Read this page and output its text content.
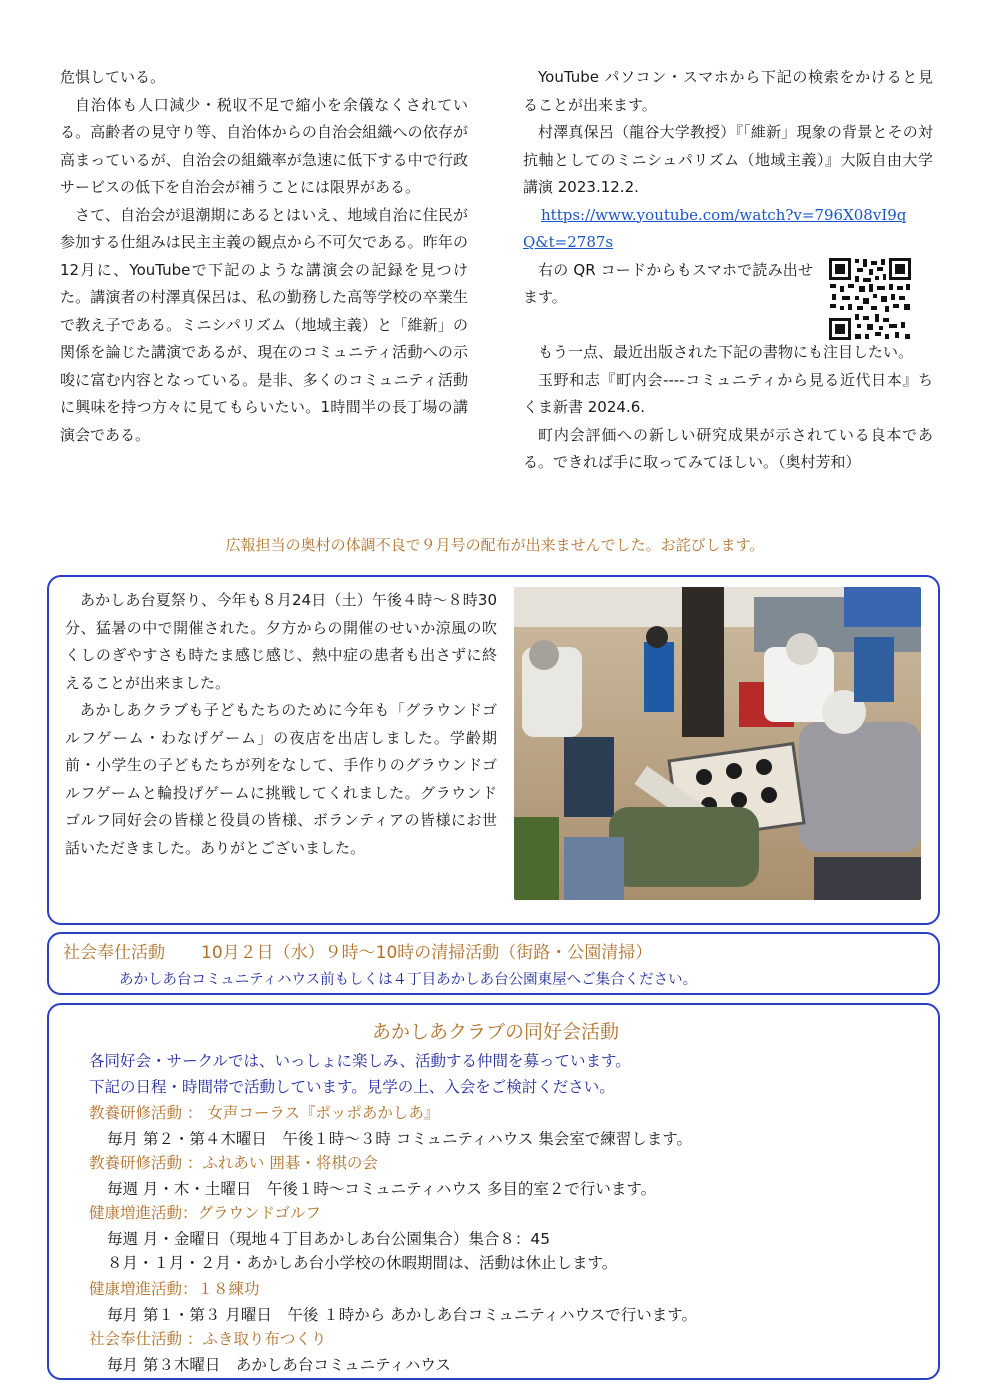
危惧している。

自治体も人口減少・税収不足で縮小を余儀なくされている。高齢者の見守り等、自治体からの自治会組織への依存が高まっているが、自治会の組織率が急速に低下する中で行政サービスの低下を自治会が補うことには限界がある。

さて、自治会が退潮期にあるとはいえ、地域自治に住民が参加する仕組みは民主主義の観点から不可欠である。昨年の12月に、YouTubeで下記のような講演会の記録を見つけた。講演者の村澤真保呂は、私の勤務した高等学校の卒業生で教え子である。ミニシパリズム（地域主義）と「維新」の関係を論じた講演であるが、現在のコミュニティ活動への示唆に富む内容となっている。是非、多くのコミュニティ活動に興味を持つ方々に見てもらいたい。1時間半の長丁場の講演会である。

YouTube パソコン・スマホから下記の検索をかけると見ることが出来ます。

村澤真保呂（龍谷大学教授）『「維新」現象の背景とその対抗軸としてのミニシュパリズム（地域主義）』大阪自由大学講演 2023.12.2.

https://www.youtube.com/watch?v=796X08vI9q

Q&t=2787s

右の QR コードからもスマホで読み出せます。

もう一点、最近出版された下記の書物にも注目したい。

玉野和志『町内会----コミュニティから見る近代日本』ちくま新書 2024.6.

町内会評価への新しい研究成果が示されている良本である。できれば手に取ってみてほしい。（奥村芳和）

広報担当の奥村の体調不良で９月号の配布が出来ませんでした。お詫びします。

あかしあ台夏祭り、今年も８月24日（土）午後４時～８時30分、猛暑の中で開催された。夕方からの開催のせいか涼風の吹くしのぎやすさも時たま感じ感じ、熱中症の患者も出さずに終えることが出来ました。

あかしあクラブも子どもたちのために今年も「グラウンドゴルフゲーム・わなげゲーム」の夜店を出店しました。学齢期前・小学生の子どもたちが列をなして、手作りのグラウンドゴルフゲームと輪投げゲームに挑戦してくれました。グラウンドゴルフ同好会の皆様と役員の皆様、ボランティアの皆様にお世話いただきました。ありがとございました。

社会奉仕活動 10月２日（水）９時～10時の清掃活動（街路・公園清掃）
あかしあ台コミュニティハウス前もしくは４丁目あかしあ台公園東屋へご集合ください。
あかしあクラブの同好会活動
各同好会・サークルでは、いっしょに楽しみ、活動する仲間を募っています。
下記の日程・時間帯で活動しています。見学の上、入会をご検討ください。
教養研修活動 ： 女声コーラス『ポッポあかしあ』
毎月 第２・第４木曜日　午後１時～３時 コミュニティハウス 集会室で練習します。
教養研修活動 ：ふれあい 囲碁・将棋の会
毎週 月・木・土曜日　午後１時～コミュニティハウス 多目的室２で行います。
健康増進活動：グラウンドゴルフ
毎週 月・金曜日（現地４丁目あかしあ台公園集合）集合８：45
８月・１月・２月・あかしあ台小学校の休暇期間は、活動は休止します。
健康増進活動：１８練功
毎月 第１・第３ 月曜日　午後 １時から あかしあ台コミュニティハウスで行います。
社会奉仕活動 ：ふき取り布つくり
毎月 第３木曜日　あかしあ台コミュニティハウス
